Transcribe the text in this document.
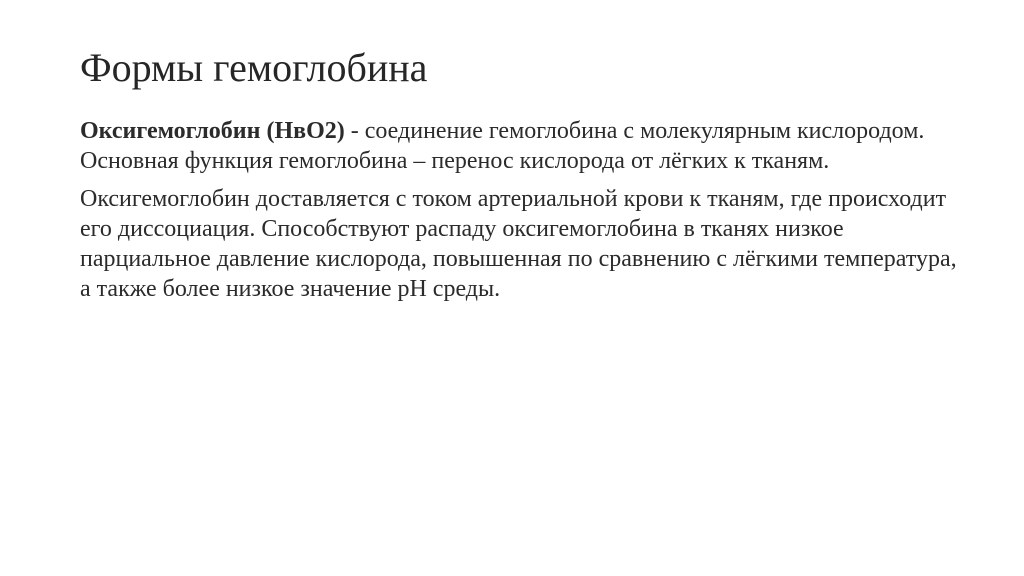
Формы гемоглобина

Оксигемоглобин (НвО2) - соединение гемоглобина с молекулярным кислородом. Основная функция гемоглобина – перенос кислорода от лёгких к тканям.

Оксигемоглобин доставляется с током артериальной крови к тканям, где происходит его диссоциация. Способствуют распаду оксигемоглобина в тканях низкое парциальное давление кислорода, повышенная по сравнению с лёгкими температура, а также более низкое значение рН среды.
